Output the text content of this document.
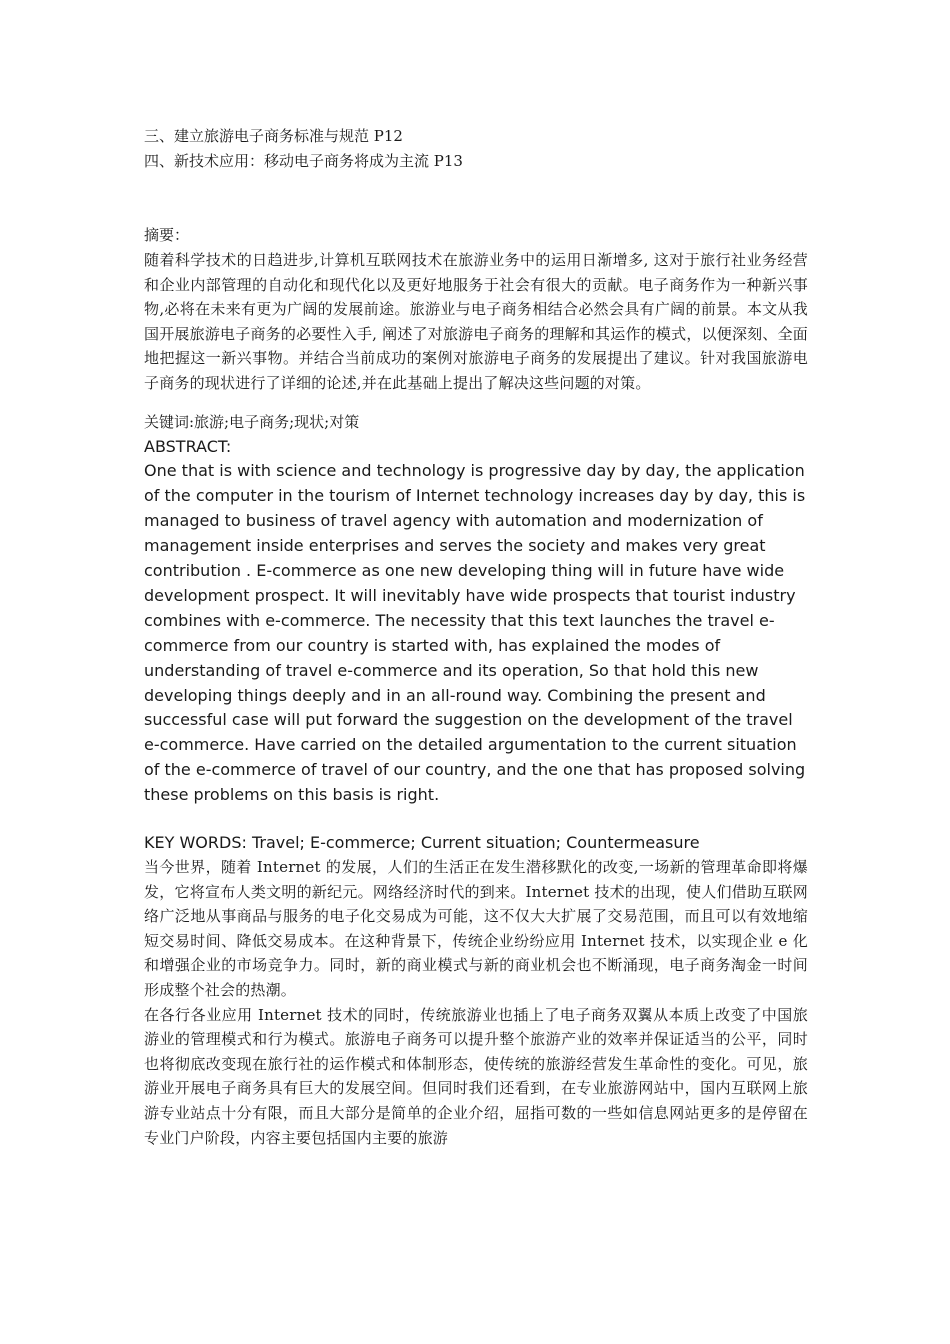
三、建立旅游电子商务标准与规范 P12

四、新技术应用：移动电子商务将成为主流 P13

摘要：

随着科学技术的日趋进步,计算机互联网技术在旅游业务中的运用日渐增多, 这对于旅行社业务经营和企业内部管理的自动化和现代化以及更好地服务于社会有很大的贡献。电子商务作为一种新兴事物,必将在未来有更为广阔的发展前途。旅游业与电子商务相结合必然会具有广阔的前景。本文从我国开展旅游电子商务的必要性入手, 阐述了对旅游电子商务的理解和其运作的模式，以便深刻、全面地把握这一新兴事物。并结合当前成功的案例对旅游电子商务的发展提出了建议。针对我国旅游电子商务的现状进行了详细的论述,并在此基础上提出了解决这些问题的对策。

关键词:旅游;电子商务;现状;对策

ABSTRACT:

One that is with science and technology is progressive day by day, the application of the computer in the tourism of Internet technology increases day by day, this is managed to business of travel agency with automation and modernization of management inside enterprises and serves the society and makes very great contribution . E-commerce as one new developing thing will in future have wide development prospect. It will inevitably have wide prospects that tourist industry combines with e-commerce. The necessity that this text launches the travel e-commerce from our country is started with, has explained the modes of understanding of travel e-commerce and its operation, So that hold this new developing things deeply and in an all-round way. Combining the present and successful case will put forward the suggestion on the development of the travel e-commerce. Have carried on the detailed argumentation to the current situation of the e-commerce of travel of our country, and the one that has proposed solving these problems on this basis is right.

KEY WORDS: Travel; E-commerce; Current situation; Countermeasure

当今世界，随着 Internet 的发展，人们的生活正在发生潜移默化的改变,一场新的管理革命即将爆发，它将宣布人类文明的新纪元。网络经济时代的到来。Internet 技术的出现，使人们借助互联网络广泛地从事商品与服务的电子化交易成为可能，这不仅大大扩展了交易范围，而且可以有效地缩短交易时间、降低交易成本。在这种背景下，传统企业纷纷应用 Internet 技术，以实现企业 e 化和增强企业的市场竞争力。同时，新的商业模式与新的商业机会也不断涌现，电子商务淘金一时间形成整个社会的热潮。

在各行各业应用 Internet 技术的同时，传统旅游业也插上了电子商务双翼从本质上改变了中国旅游业的管理模式和行为模式。旅游电子商务可以提升整个旅游产业的效率并保证适当的公平，同时也将彻底改变现在旅行社的运作模式和体制形态，使传统的旅游经营发生革命性的变化。可见，旅游业开展电子商务具有巨大的发展空间。但同时我们还看到，在专业旅游网站中，国内互联网上旅游专业站点十分有限，而且大部分是简单的企业介绍，屈指可数的一些如信息网站更多的是停留在专业门户阶段，内容主要包括国内主要的旅游
